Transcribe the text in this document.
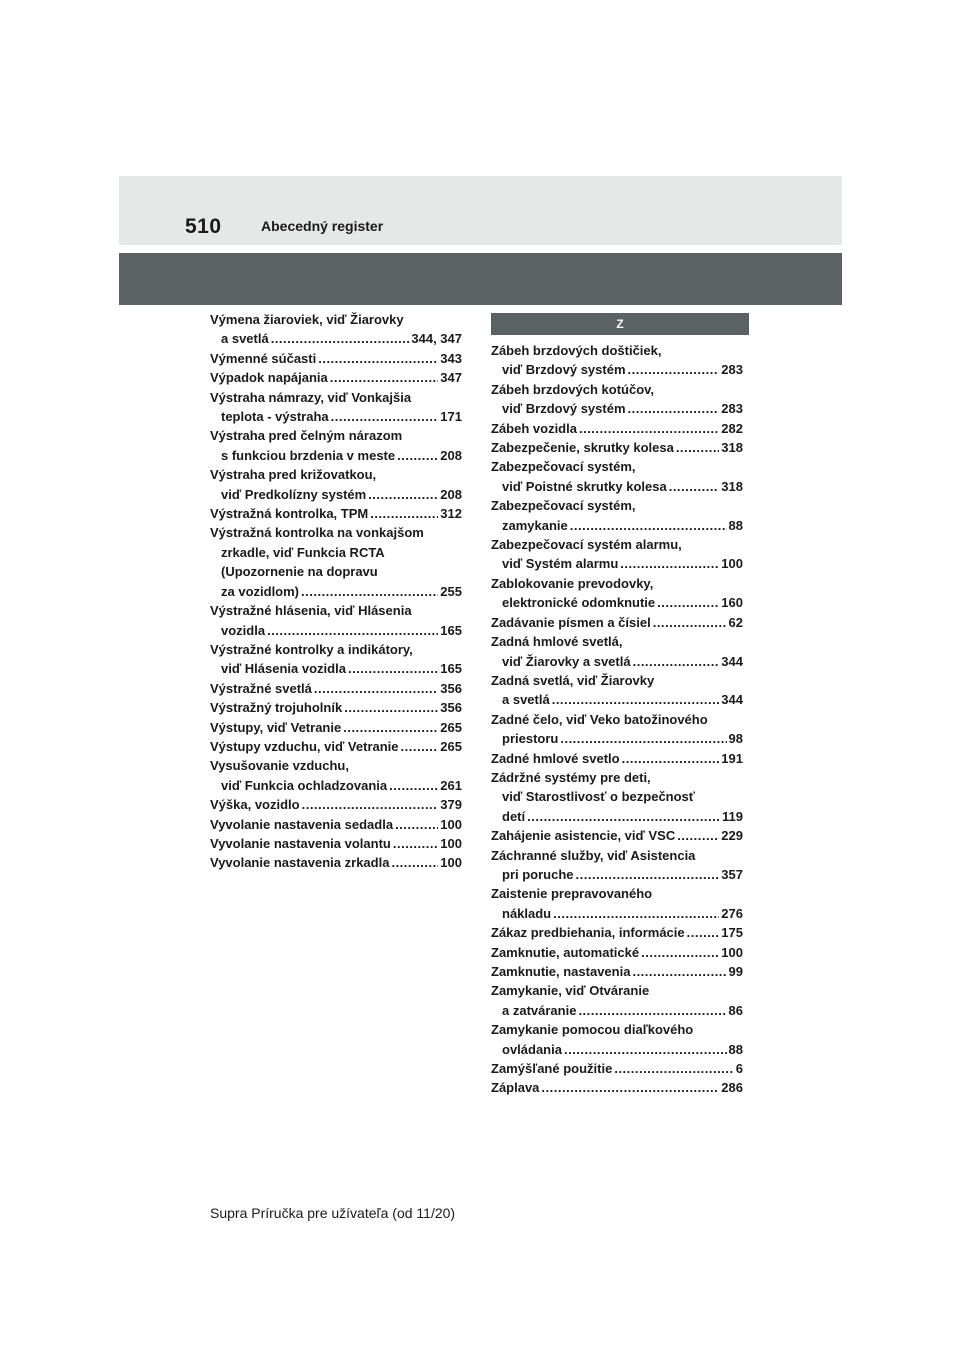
510	Abecedný register
Výmena žiaroviek, viď Žiarovky
a svetlá .....	344, 347
Výmenné súčasti .....	343
Výpadok napájania .....	347
Výstraha námrazy, viď Vonkajšia
teplota - výstraha .....	171
Výstraha pred čelným nárazom
s funkciou brzdenia v meste .....	208
Výstraha pred križovatkou,
viď Predkolízny systém .....	208
Výstražná kontrolka, TPM .....	312
Výstražná kontrolka na vonkajšom
zrkadle, viď Funkcia RCTA
(Upozornenie na dopravu
za vozidlom) .....	255
Výstražné hlásenia, viď Hlásenia
vozidla .....	165
Výstražné kontrolky a indikátory,
viď Hlásenia vozidla .....	165
Výstražné svetlá .....	356
Výstražný trojuholník .....	356
Výstupy, viď Vetranie .....	265
Výstupy vzduchu, viď Vetranie .....	265
Vysušovanie vzduchu,
viď Funkcia ochladzovania .....	261
Výška, vozidlo .....	379
Vyvolanie nastavenia sedadla .....	100
Vyvolanie nastavenia volantu .....	100
Vyvolanie nastavenia zrkadla .....	100
Z
Zábeh brzdových doštičiek,
viď Brzdový systém .....	283
Zábeh brzdových kotúčov,
viď Brzdový systém .....	283
Zábeh vozidla .....	282
Zabezpečenie, skrutky kolesa .....	318
Zabezpečovací systém,
viď Poistné skrutky kolesa .....	318
Zabezpečovací systém,
zamykanie .....	88
Zabezpečovací systém alarmu,
viď Systém alarmu .....	100
Zablokovanie prevodovky,
elektronické odomknutie .....	160
Zadávanie písmen a čísiel .....	62
Zadná hmlové svetlá,
viď Žiarovky a svetlá .....	344
Zadná svetlá, viď Žiarovky
a svetlá .....	344
Zadné čelo, viď Veko batožinového
priestoru .....	98
Zadné hmlové svetlo .....	191
Zádržné systémy pre deti,
viď Starostlivosť o bezpečnosť
detí .....	119
Zahájenie asistencie, viď VSC .....	229
Záchranné služby, viď Asistencia
pri poruche .....	357
Zaistenie prepravovaného
nákladu .....	276
Zákaz predbiehania, informácie .....	175
Zamknutie, automatické .....	100
Zamknutie, nastavenia .....	99
Zamykanie, viď Otváranie
a zatváranie .....	86
Zamykanie pomocou diaľkového
ovládania .....	88
Zamýšľané použitie .....	6
Záplava .....	286
Supra Príručka pre užívateľa (od 11/20)
